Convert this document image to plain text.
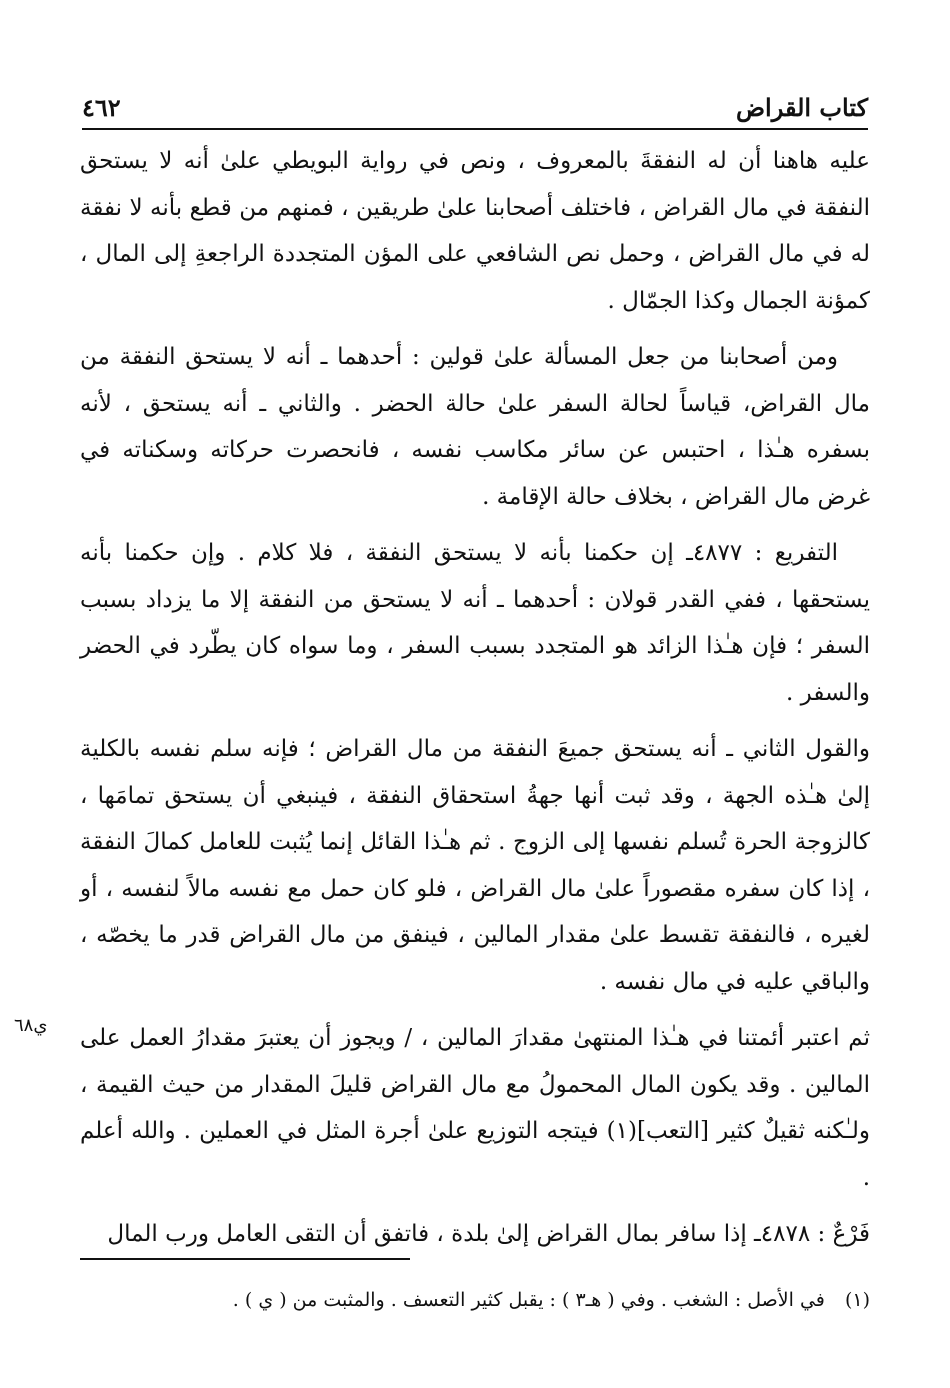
كتاب القراض
٤٦٢
ي٦٨

عليه هاهنا أن له النفقةَ بالمعروف ، ونص في رواية البويطي علىٰ أنه لا يستحق النفقة في مال القراض ، فاختلف أصحابنا علىٰ طريقين ، فمنهم من قطع بأنه لا نفقة له في مال القراض ، وحمل نص الشافعي على المؤن المتجددة الراجعةِ إلى المال ، كمؤنة الجمال وكذا الجمّال .

ومن أصحابنا من جعل المسألة علىٰ قولين : أحدهما ـ أنه لا يستحق النفقة من مال القراض، قياساً لحالة السفر علىٰ حالة الحضر . والثاني ـ أنه يستحق ، لأنه بسفره هـٰذا ، احتبس عن سائر مكاسب نفسه ، فانحصرت حركاته وسكناته في غرض مال القراض ، بخلاف حالة الإقامة .

التفريع : ٤٨٧٧ـ إن حكمنا بأنه لا يستحق النفقة ، فلا كلام . وإن حكمنا بأنه يستحقها ، ففي القدر قولان : أحدهما ـ أنه لا يستحق من النفقة إلا ما يزداد بسبب السفر ؛ فإن هـٰذا الزائد هو المتجدد بسبب السفر ، وما سواه كان يطّرد في الحضر والسفر .

والقول الثاني ـ أنه يستحق جميعَ النفقة من مال القراض ؛ فإنه سلم نفسه بالكلية إلىٰ هـٰذه الجهة ، وقد ثبت أنها جهةُ استحقاق النفقة ، فينبغي أن يستحق تمامَها ، كالزوجة الحرة تُسلم نفسها إلى الزوج . ثم هـٰذا القائل إنما يُثبت للعامل كمالَ النفقة ، إذا كان سفره مقصوراً علىٰ مال القراض ، فلو كان حمل مع نفسه مالاً لنفسه ، أو لغيره ، فالنفقة تقسط علىٰ مقدار المالين ، فينفق من مال القراض قدر ما يخصّه ، والباقي عليه في مال نفسه .

ثم اعتبر أئمتنا في هـٰذا المنتهىٰ مقدارَ المالين ، / ويجوز أن يعتبرَ مقدارُ العمل على المالين . وقد يكون المال المحمولُ مع مال القراض قليلَ المقدار من حيث القيمة ، ولـٰكنه ثقيلٌ كثير [التعب](١) فيتجه التوزيع علىٰ أجرة المثل في العملين . والله أعلم .

فَرْعٌ : ٤٨٧٨ـ إذا سافر بمال القراض إلىٰ بلدة ، فاتفق أن التقى العامل ورب المال

(١) في الأصل : الشغب . وفي ( هـ٣ ) : يقبل كثير التعسف . والمثبت من ( ي ) .
